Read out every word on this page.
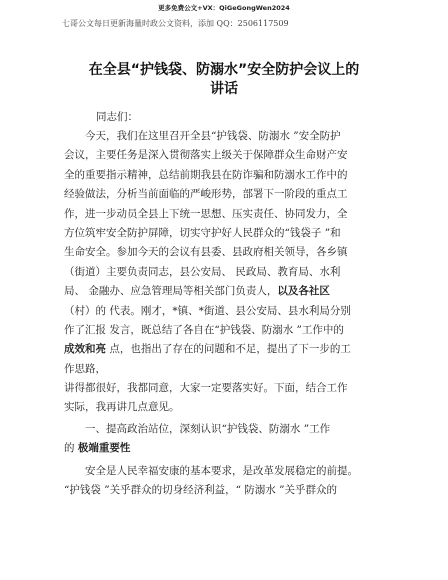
更多免费公文+VX：QiGeGongWen2024
七哥公文每日更新海量时政公文资料，添加 QQ：2506117509
在全县“护钱袋、防溺水”安全防护会议上的
讲话
同志们：
今天，我们在这里召开全县“护钱袋、防溺水 ”安全防护
会议，主要任务是深入贯彻落实上级关于保障群众生命财产安
全的重要指示精神，总结前期我县在防诈骗和防溺水工作中的
经验做法，分析当前面临的严峻形势，部署下一阶段的重点工
作，进一步动员全县上下统一思想、压实责任、协同发力，全
方位筑牢安全防护屏障，切实守护好人民群众的“钱袋子 ”和
生命安全。参加今天的会议有县委、县政府相关领导，各乡镇
（街道）主要负责同志，县公安局、 民政局、教育局、水利
局、 金融办、应急管理局等相关部门负责人，以及各社区
（村）的 代表。刚才，*镇、*街道、县公安局、县水利局分别
作了汇报 发言，既总结了各自在“护钱袋、防溺水 ”工作中的
成效和亮 点，也指出了存在的问题和不足，提出了下一步的工
作思路，
讲得都很好，我都同意，大家一定要落实好。下面，结合工作
实际，我再讲几点意见。
一、提高政治站位，深刻认识“护钱袋、防溺水 ”工作
的 极端重要性
安全是人民幸福安康的基本要求，是改革发展稳定的前提。
“护钱袋 ”关乎群众的切身经济利益，“ 防溺水 ”关乎群众的
